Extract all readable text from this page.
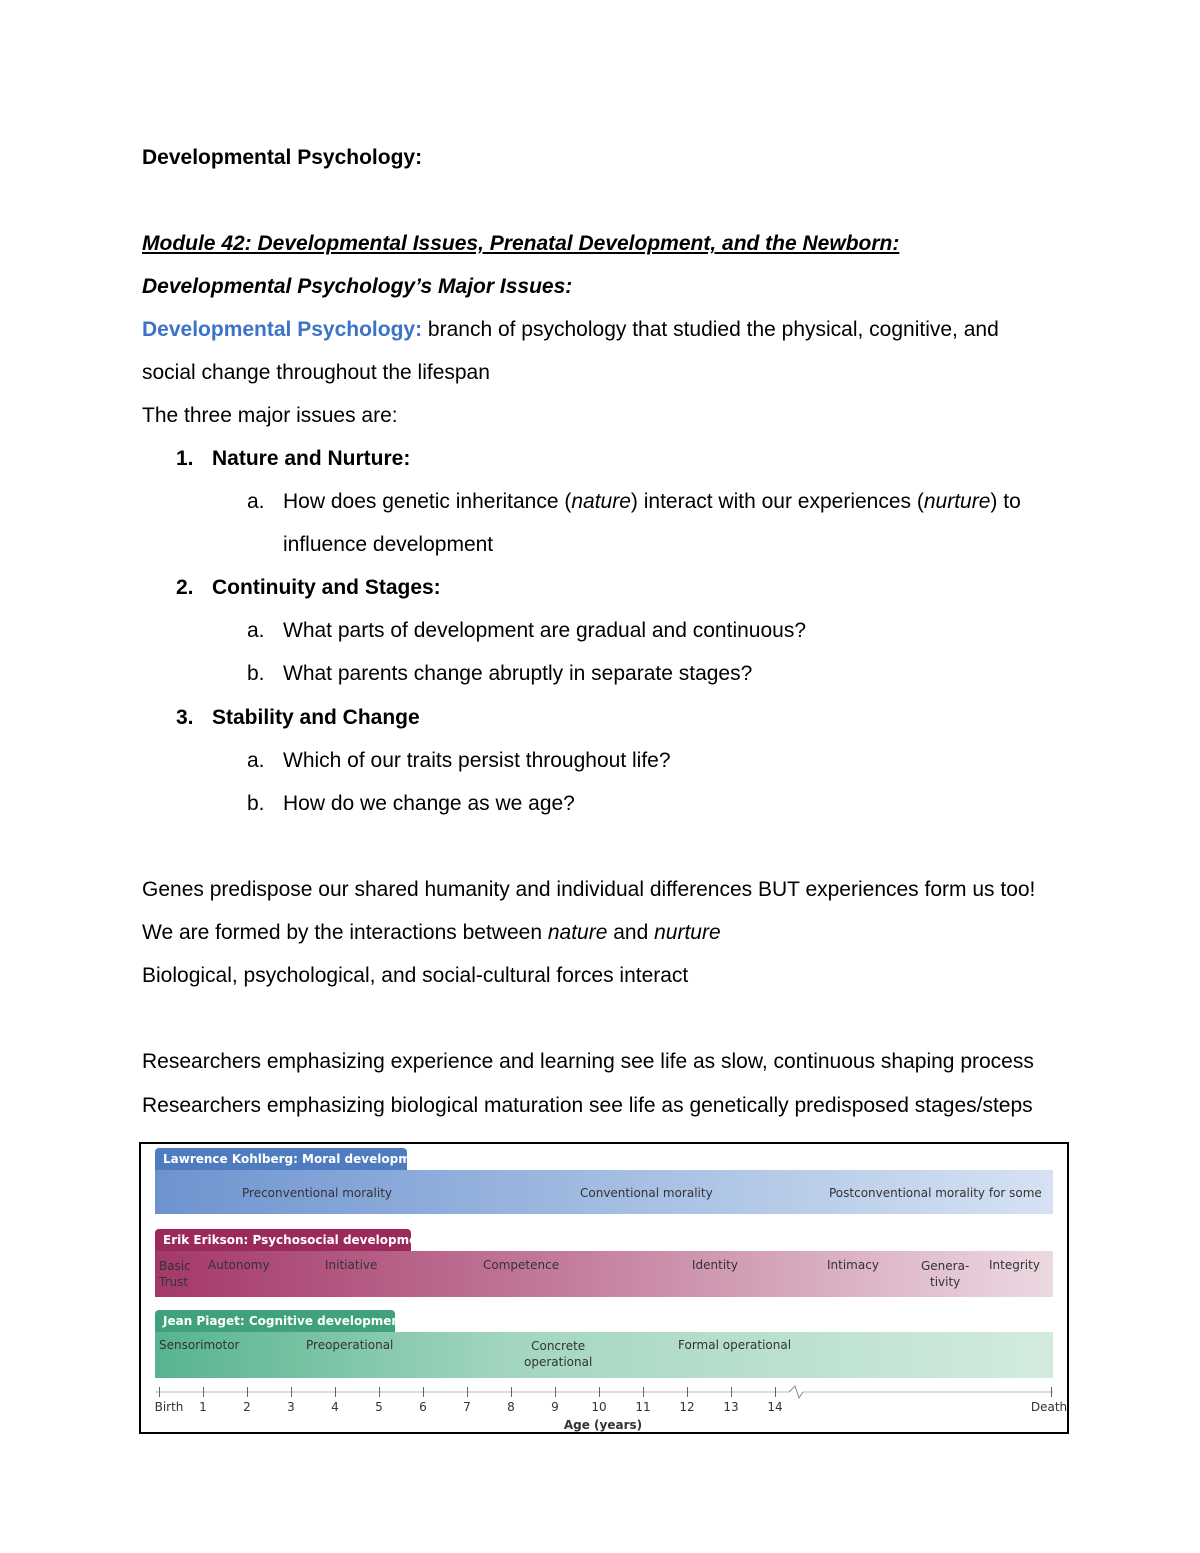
Developmental Psychology:
Module 42: Developmental Issues, Prenatal Development, and the Newborn:
Developmental Psychology’s Major Issues:
Developmental Psychology: branch of psychology that studied the physical, cognitive, and
social change throughout the lifespan
The three major issues are:
1. Nature and Nurture:
a. How does genetic inheritance (nature) interact with our experiences (nurture) to
influence development
2. Continuity and Stages:
a. What parts of development are gradual and continuous?
b. What parents change abruptly in separate stages?
3. Stability and Change
a. Which of our traits persist throughout life?
b. How do we change as we age?
Genes predispose our shared humanity and individual differences BUT experiences form us too!
We are formed by the interactions between nature and nurture
Biological, psychological, and social-cultural forces interact
Researchers emphasizing experience and learning see life as slow, continuous shaping process
Researchers emphasizing biological maturation see life as genetically predisposed stages/steps
Lawrence Kohlberg: Moral development
Preconventional morality	Conventional morality	Postconventional morality for some
Erik Erikson: Psychosocial development
Basic
Trust
Autonomy	Initiative	Competence	Identity	Intimacy	Genera-
tivity
Integrity
Jean Piaget: Cognitive development
Sensorimotor	Preoperational	Concrete
operational
Formal operational
Birth 1	2	3	4	5	6	7	8	9	10 11 12 13 14	Death
Age (years)
